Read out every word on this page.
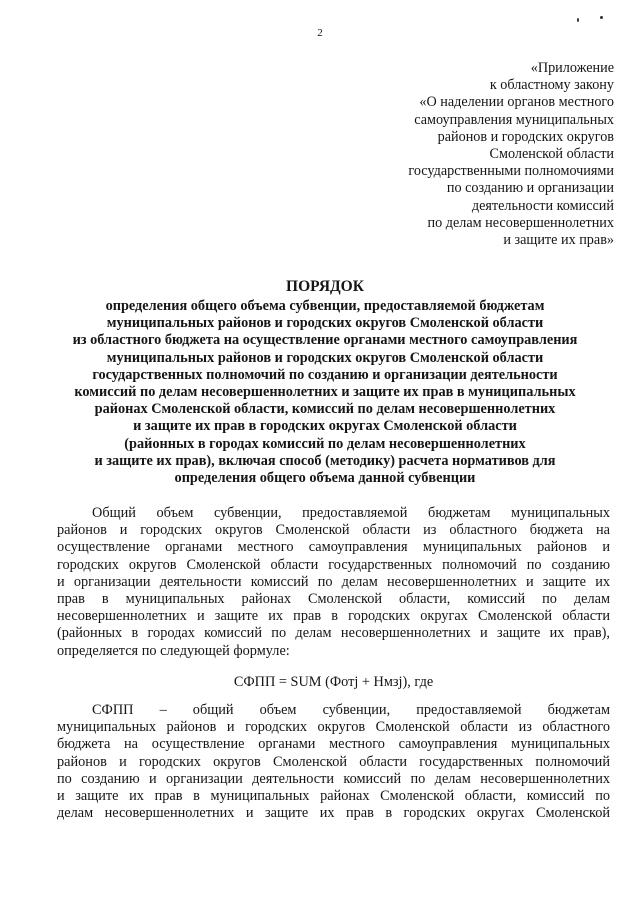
2
«Приложение
к областному закону
«О наделении органов местного
самоуправления муниципальных
районов и городских округов
Смоленской области
государственными полномочиями
по созданию и организации
деятельности комиссий
по делам несовершеннолетних
и защите их прав»
ПОРЯДОК
определения общего объема субвенции, предоставляемой бюджетам
муниципальных районов и городских округов Смоленской области
из областного бюджета на осуществление органами местного самоуправления
муниципальных районов и городских округов Смоленской области
государственных полномочий по созданию и организации деятельности
комиссий по делам несовершеннолетних и защите их прав в муниципальных
районах Смоленской области, комиссий по делам несовершеннолетних
и защите их прав в городских округах Смоленской области
(районных в городах комиссий по делам несовершеннолетних
и защите их прав), включая способ (методику) расчета нормативов для
определения общего объема данной субвенции
Общий объем субвенции, предоставляемой бюджетам муниципальных
районов и городских округов Смоленской области из областного бюджета на
осуществление органами местного самоуправления муниципальных районов и
городских округов Смоленской области государственных полномочий по созданию
и организации деятельности комиссий по делам несовершеннолетних и защите их
прав в муниципальных районах Смоленской области, комиссий по делам
несовершеннолетних и защите их прав в городских округах Смоленской области
(районных в городах комиссий по делам несовершеннолетних и защите их прав),
определяется по следующей формуле:
СФПП = SUM (Фотj + Нмзj), где
СФПП – общий объем субвенции, предоставляемой бюджетам
муниципальных районов и городских округов Смоленской области из областного
бюджета на осуществление органами местного самоуправления муниципальных
районов и городских округов Смоленской области государственных полномочий
по созданию и организации деятельности комиссий по делам несовершеннолетних
и защите их прав в муниципальных районах Смоленской области, комиссий по
делам несовершеннолетних и защите их прав в городских округах Смоленской
